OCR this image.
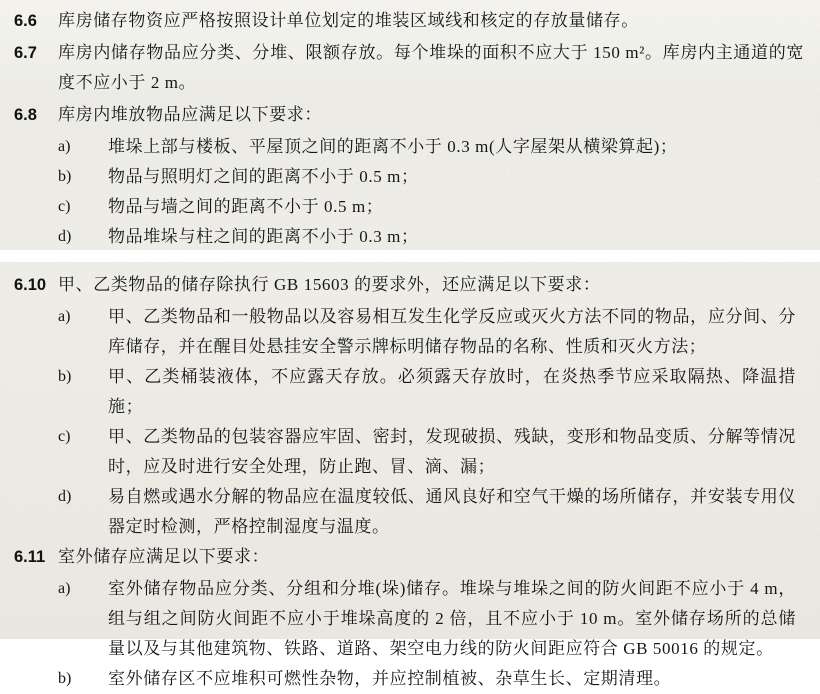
6.6	库房储存物资应严格按照设计单位划定的堆装区域线和核定的存放量储存。
6.7	库房内储存物品应分类、分堆、限额存放。每个堆垛的面积不应大于 150 m²。库房内主通道的宽度不应小于 2 m。
6.8	库房内堆放物品应满足以下要求：
a)	堆垛上部与楼板、平屋顶之间的距离不小于 0.3 m(人字屋架从横梁算起)；
b)	物品与照明灯之间的距离不小于 0.5 m；
c)	物品与墙之间的距离不小于 0.5 m；
d)	物品堆垛与柱之间的距离不小于 0.3 m；
6.10 甲、乙类物品的储存除执行 GB 15603 的要求外，还应满足以下要求：
a)	甲、乙类物品和一般物品以及容易相互发生化学反应或灭火方法不同的物品，应分间、分库储存，并在醒目处悬挂安全警示牌标明储存物品的名称、性质和灭火方法；
b)	甲、乙类桶装液体，不应露天存放。必须露天存放时，在炎热季节应采取隔热、降温措施；
c)	甲、乙类物品的包装容器应牢固、密封，发现破损、残缺，变形和物品变质、分解等情况时，应及时进行安全处理，防止跑、冒、滴、漏；
d)	易自燃或遇水分解的物品应在温度较低、通风良好和空气干燥的场所储存，并安装专用仪器定时检测，严格控制湿度与温度。
6.11 室外储存应满足以下要求：
a)	室外储存物品应分类、分组和分堆(垛)储存。堆垛与堆垛之间的防火间距不应小于 4 m，组与组之间防火间距不应小于堆垛高度的 2 倍，且不应小于 10 m。室外储存场所的总储量以及与其他建筑物、铁路、道路、架空电力线的防火间距应符合 GB 50016 的规定。
b)	室外储存区不应堆积可燃性杂物，并应控制植被、杂草生长、定期清理。
